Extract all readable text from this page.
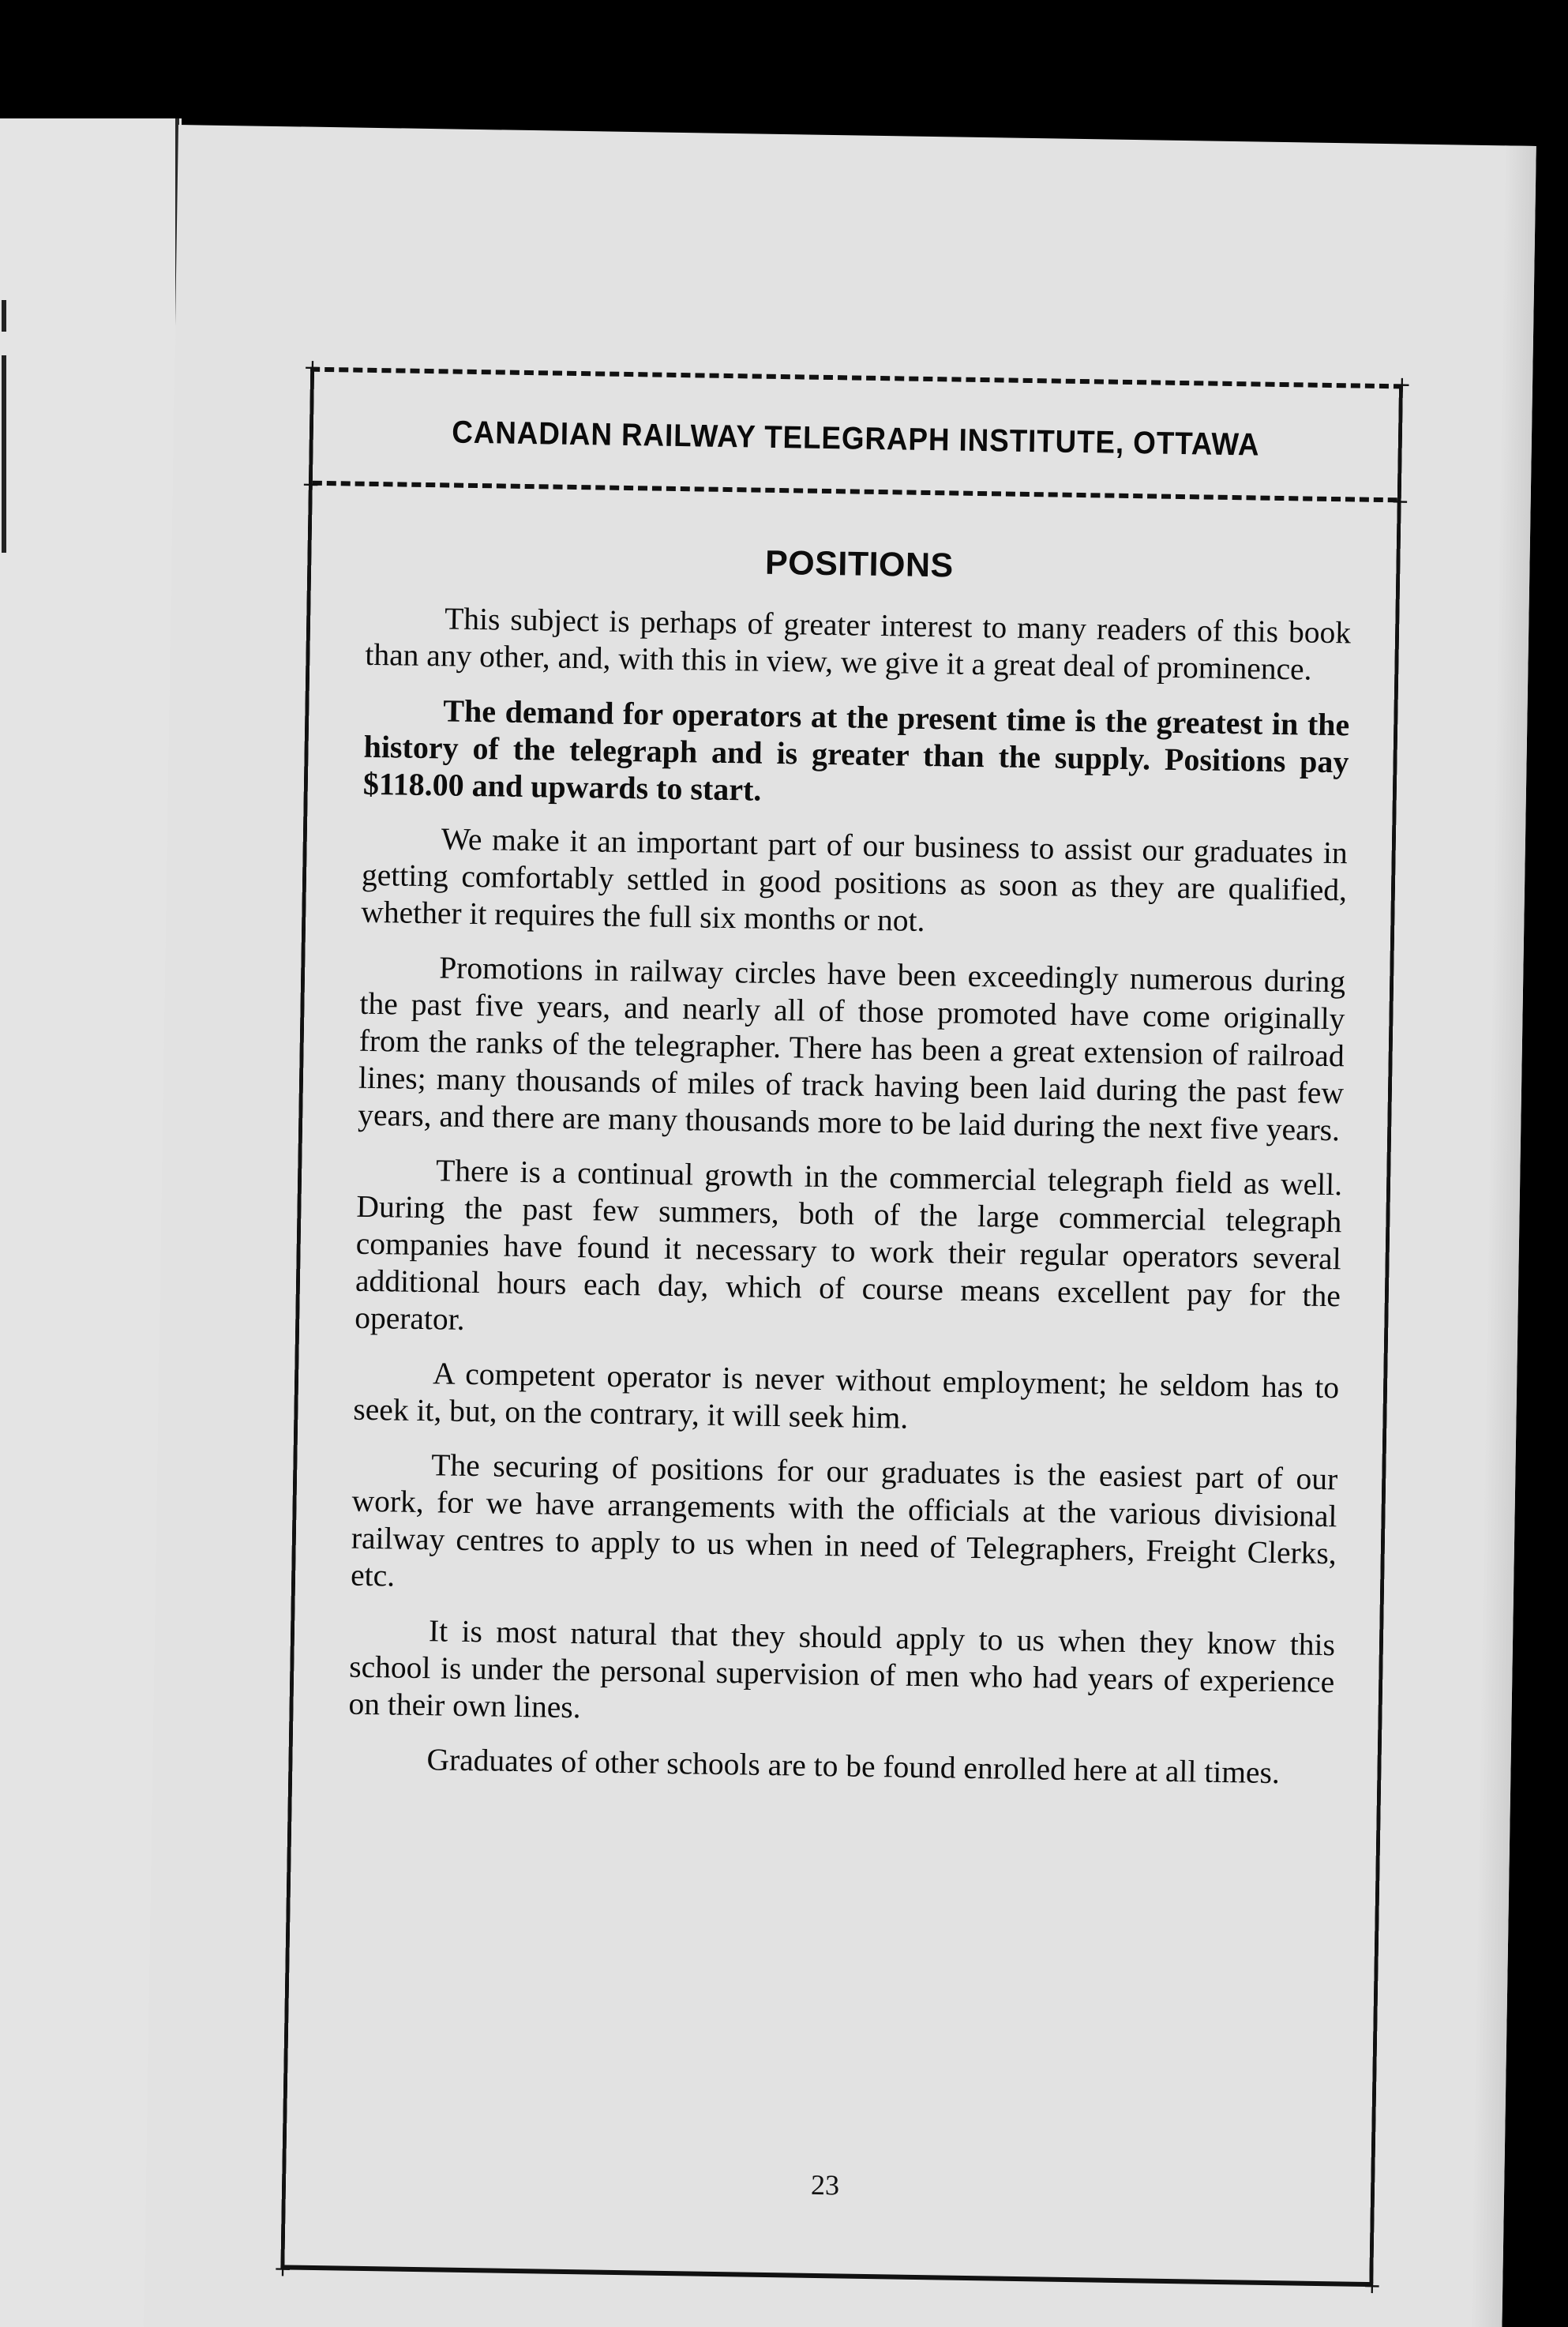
+
+
+
+
+
+
CANADIAN RAILWAY TELEGRAPH INSTITUTE, OTTAWA
POSITIONS

This subject is perhaps of greater interest to many readers of this book than any other, and, with this in view, we give it a great deal of prominence.

The demand for operators at the present time is the greatest in the history of the telegraph and is greater than the supply. Positions pay $118.00 and upwards to start.

We make it an important part of our business to assist our graduates in getting comfortably settled in good positions as soon as they are qualified, whether it requires the full six months or not.

Promotions in railway circles have been exceedingly numerous during the past five years, and nearly all of those promoted have come originally from the ranks of the telegrapher. There has been a great extension of railroad lines; many thousands of miles of track having been laid during the past few years, and there are many thousands more to be laid during the next five years.

There is a continual growth in the commercial telegraph field as well. During the past few summers, both of the large commercial telegraph companies have found it necessary to work their regular operators several additional hours each day, which of course means excellent pay for the operator.

A competent operator is never without employment; he seldom has to seek it, but, on the contrary, it will seek him.

The securing of positions for our graduates is the easiest part of our work, for we have arrangements with the officials at the various divisional railway centres to apply to us when in need of Telegraphers, Freight Clerks, etc.

It is most natural that they should apply to us when they know this school is under the personal supervision of men who had years of experience on their own lines.

Graduates of other schools are to be found enrolled here at all times.

23
